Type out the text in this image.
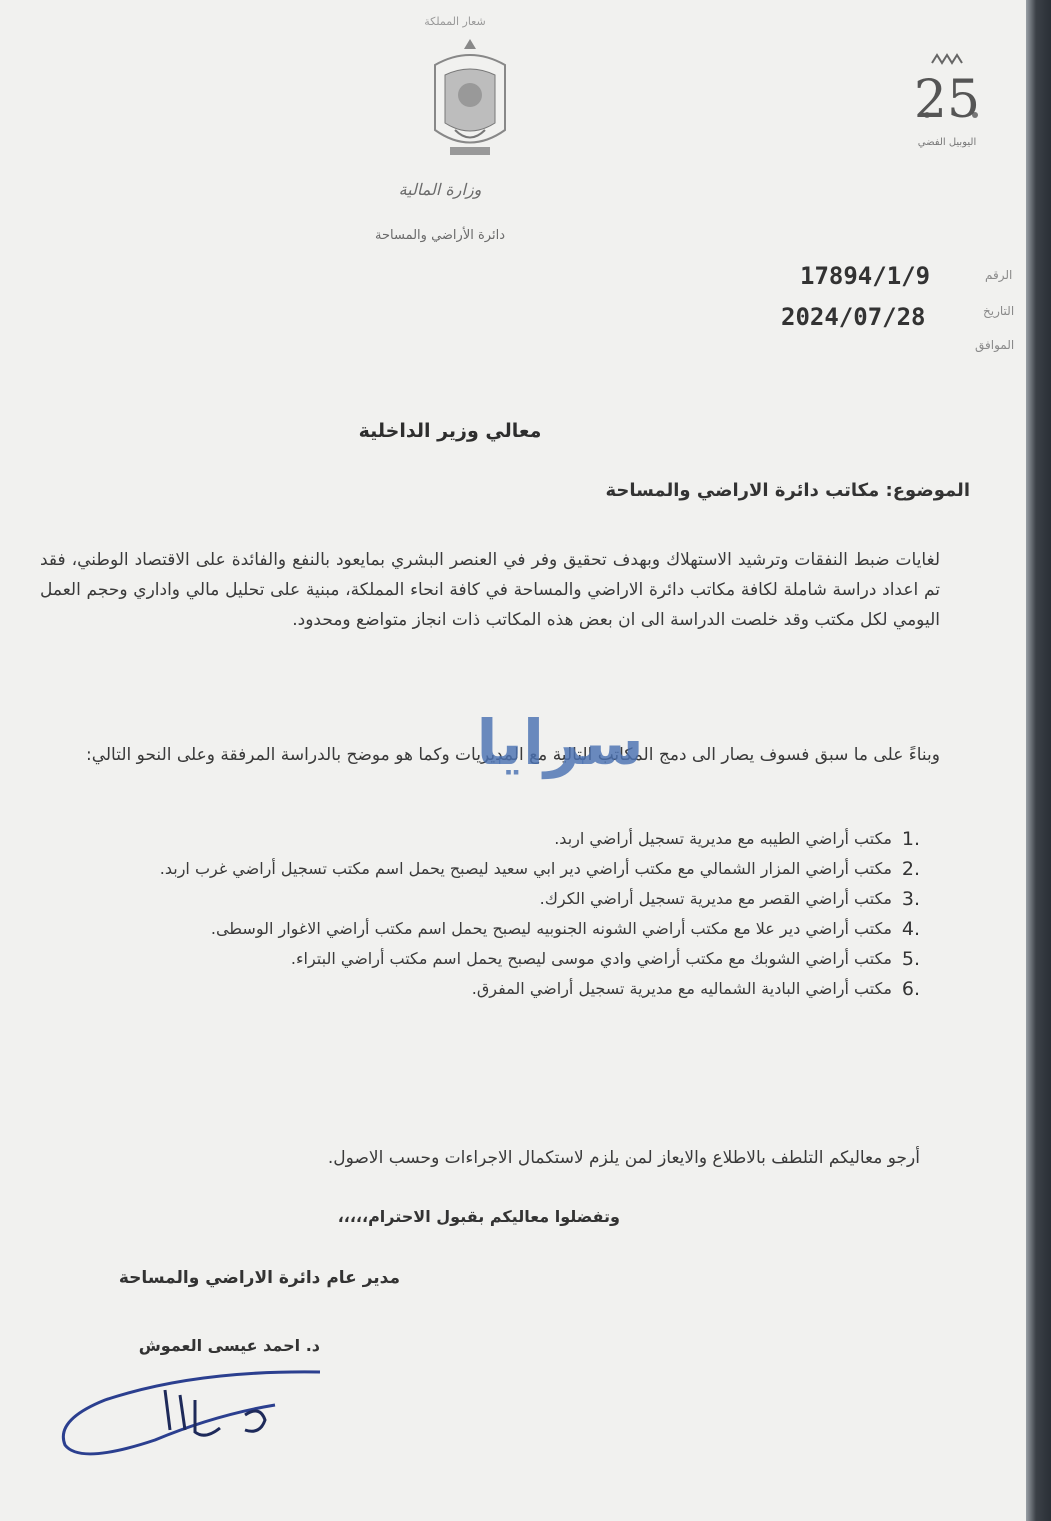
شعار المملكة
وزارة المالية
دائرة الأراضي والمساحة
25
اليوبيل الفضي
الرقم
17894/1/9
التاريخ
2024/07/28
الموافق
معالي وزير الداخلية
الموضوع: مكاتب دائرة الاراضي والمساحة
لغايات ضبط النفقات وترشيد الاستهلاك وبهدف تحقيق وفر في العنصر البشري بمايعود بالنفع والفائدة على الاقتصاد الوطني، فقد تم اعداد دراسة شاملة لكافة مكاتب دائرة الاراضي والمساحة في كافة انحاء المملكة، مبنية على تحليل مالي واداري وحجم العمل اليومي لكل مكتب وقد خلصت الدراسة الى ان بعض هذه المكاتب ذات انجاز متواضع ومحدود.
وبناءً على ما سبق فسوف يصار الى دمج المكاتب التالية مع المديريات وكما هو موضح بالدراسة المرفقة وعلى النحو التالي:
مكتب أراضي الطيبه مع مديرية تسجيل أراضي اربد. 1.
مكتب أراضي المزار الشمالي مع مكتب أراضي دير ابي سعيد ليصبح يحمل اسم مكتب تسجيل أراضي غرب اربد. 2.
مكتب أراضي القصر مع مديرية تسجيل أراضي الكرك. 3.
مكتب أراضي دير علا مع مكتب أراضي الشونه الجنوبيه ليصبح يحمل اسم مكتب أراضي الاغوار الوسطى. 4.
مكتب أراضي الشوبك مع مكتب أراضي وادي موسى ليصبح يحمل اسم مكتب أراضي البتراء. 5.
مكتب أراضي البادية الشماليه مع مديرية تسجيل أراضي المفرق. 6.
أرجو معاليكم التلطف بالاطلاع والايعاز لمن يلزم لاستكمال الاجراءات وحسب الاصول.
وتفضلوا معاليكم بقبول الاحترام،،،،،
مدير عام دائرة الاراضي والمساحة
د. احمد عيسى العموش
سرايا
